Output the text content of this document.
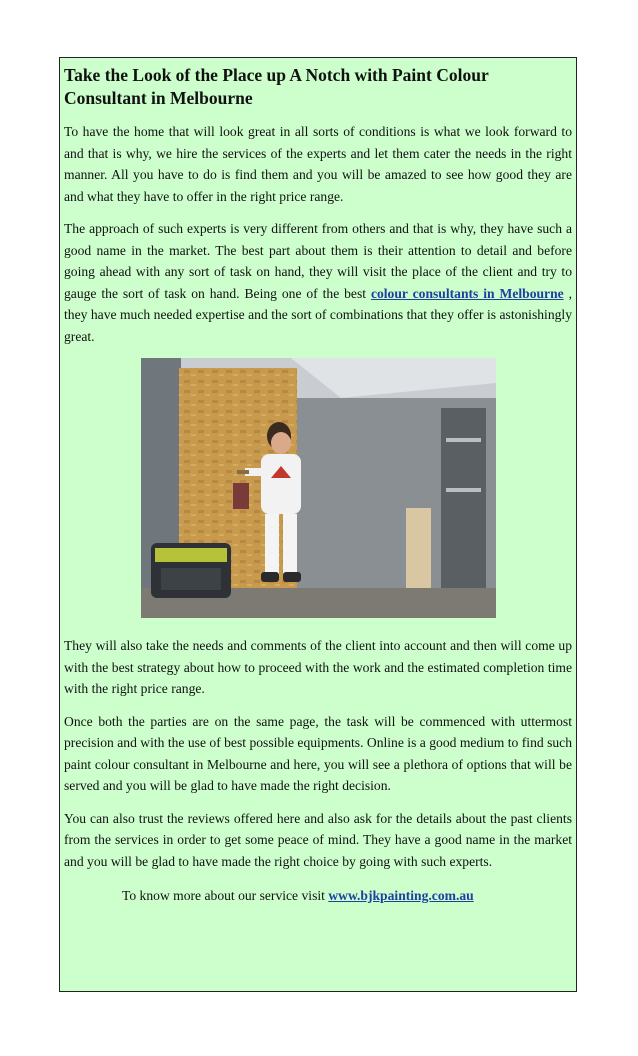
Take the Look of the Place up A Notch with Paint Colour Consultant in Melbourne

To have the home that will look great in all sorts of conditions is what we look forward to and that is why, we hire the services of the experts and let them cater the needs in the right manner. All you have to do is find them and you will be amazed to see how good they are and what they have to offer in the right price range.

The approach of such experts is very different from others and that is why, they have such a good name in the market. The best part about them is their attention to detail and before going ahead with any sort of task on hand, they will visit the place of the client and try to gauge the sort of task on hand. Being one of the best colour consultants in Melbourne , they have much needed expertise and the sort of combinations that they offer is astonishingly great.

They will also take the needs and comments of the client into account and then will come up with the best strategy about how to proceed with the work and the estimated completion time with the right price range.

Once both the parties are on the same page, the task will be commenced with uttermost precision and with the use of best possible equipments. Online is a good medium to find such paint colour consultant in Melbourne and here, you will see a plethora of options that will be served and you will be glad to have made the right decision.

You can also trust the reviews offered here and also ask for the details about the past clients from the services in order to get some peace of mind. They have a good name in the market and you will be glad to have made the right choice by going with such experts.

To know more about our service visit www.bjkpainting.com.au
